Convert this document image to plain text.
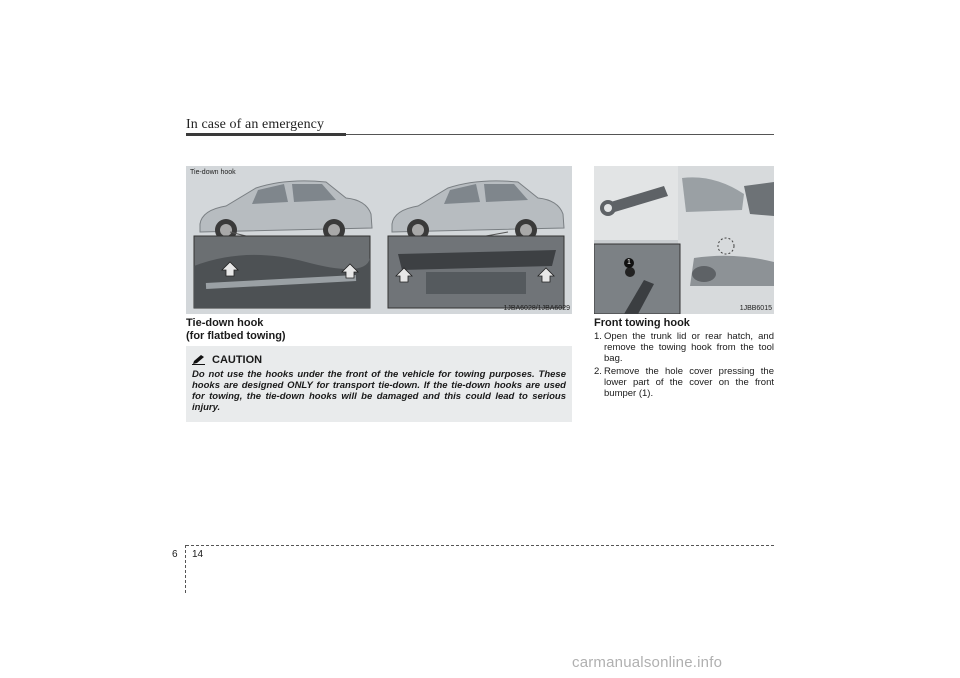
In case of an emergency
Tie-down hook
1JBA6028/1JBA6029
1
1JBB6015
Tie-down hook
(for flatbed towing)
CAUTION
Do not use the hooks under the front of the vehicle for towing purposes. These hooks are designed ONLY for transport tie-down. If the tie-down hooks are used for towing, the tie-down hooks will be damaged and this could lead to serious injury.
Front towing hook
1. Open the trunk lid or rear hatch, and remove the towing hook from the tool bag.
2. Remove the hole cover pressing the lower part of the cover on the front bumper (1).
6 14
carmanualsonline.info
